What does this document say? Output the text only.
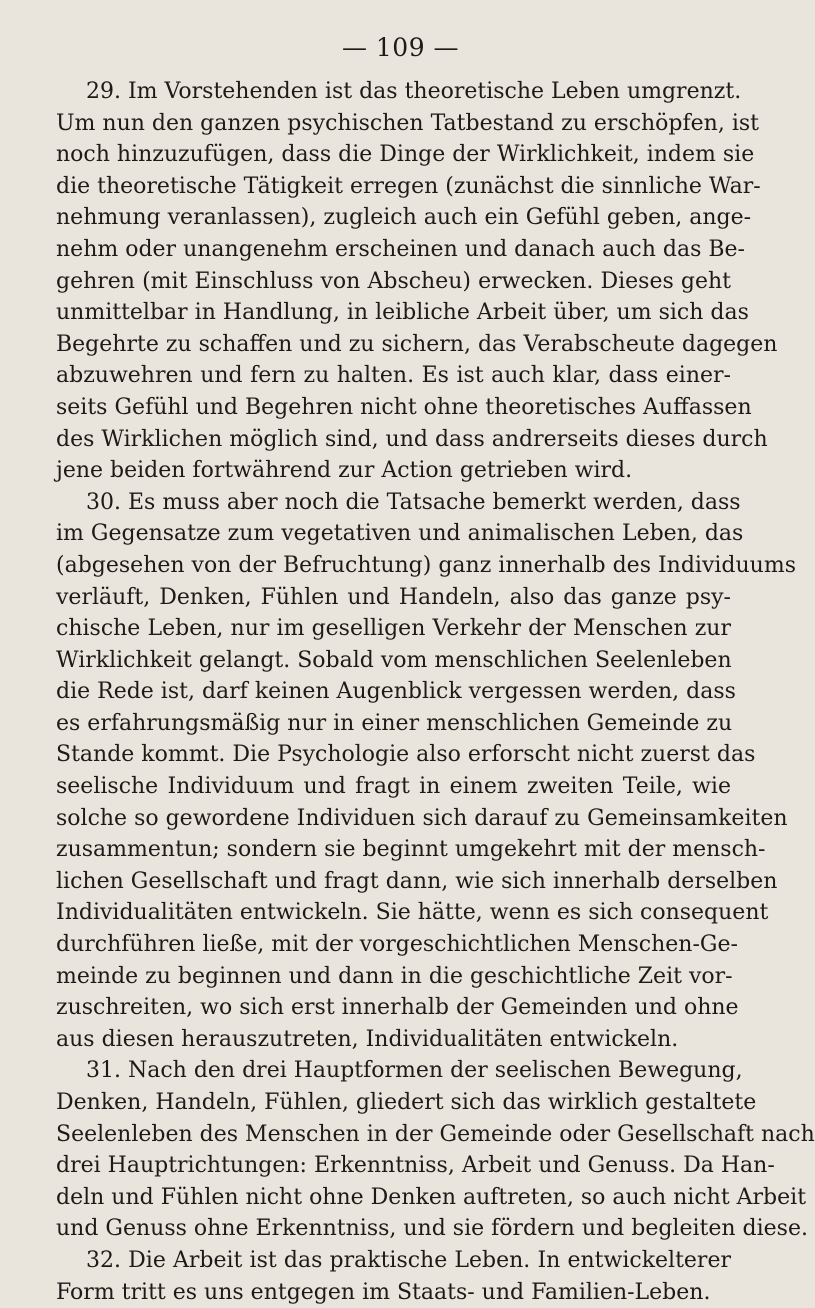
— 109 —
29. Im Vorstehenden ist das theoretische Leben umgrenzt.
Um nun den ganzen psychischen Tatbestand zu erschöpfen, ist
noch hinzuzufügen, dass die Dinge der Wirklichkeit, indem sie
die theoretische Tätigkeit erregen (zunächst die sinnliche War-
nehmung veranlassen), zugleich auch ein Gefühl geben, ange-
nehm oder unangenehm erscheinen und danach auch das Be-
gehren (mit Einschluss von Abscheu) erwecken. Dieses geht
unmittelbar in Handlung, in leibliche Arbeit über, um sich das
Begehrte zu schaffen und zu sichern, das Verabscheute dagegen
abzuwehren und fern zu halten. Es ist auch klar, dass einer-
seits Gefühl und Begehren nicht ohne theoretisches Auffassen
des Wirklichen möglich sind, und dass andrerseits dieses durch
jene beiden fortwährend zur Action getrieben wird.
30. Es muss aber noch die Tatsache bemerkt werden, dass
im Gegensatze zum vegetativen und animalischen Leben, das
(abgesehen von der Befruchtung) ganz innerhalb des Individuums
verläuft, Denken, Fühlen und Handeln, also das ganze psy-
chische Leben, nur im geselligen Verkehr der Menschen zur
Wirklichkeit gelangt. Sobald vom menschlichen Seelenleben
die Rede ist, darf keinen Augenblick vergessen werden, dass
es erfahrungsmäßig nur in einer menschlichen Gemeinde zu
Stande kommt. Die Psychologie also erforscht nicht zuerst das
seelische Individuum und fragt in einem zweiten Teile, wie
solche so gewordene Individuen sich darauf zu Gemeinsamkeiten
zusammentun; sondern sie beginnt umgekehrt mit der mensch-
lichen Gesellschaft und fragt dann, wie sich innerhalb derselben
Individualitäten entwickeln. Sie hätte, wenn es sich consequent
durchführen ließe, mit der vorgeschichtlichen Menschen-Ge-
meinde zu beginnen und dann in die geschichtliche Zeit vor-
zuschreiten, wo sich erst innerhalb der Gemeinden und ohne
aus diesen herauszutreten, Individualitäten entwickeln.
31. Nach den drei Hauptformen der seelischen Bewegung,
Denken, Handeln, Fühlen, gliedert sich das wirklich gestaltete
Seelenleben des Menschen in der Gemeinde oder Gesellschaft nach
drei Hauptrichtungen: Erkenntniss, Arbeit und Genuss. Da Han-
deln und Fühlen nicht ohne Denken auftreten, so auch nicht Arbeit
und Genuss ohne Erkenntniss, und sie fördern und begleiten diese.
32. Die Arbeit ist das praktische Leben. In entwickelterer
Form tritt es uns entgegen im Staats- und Familien-Leben.
